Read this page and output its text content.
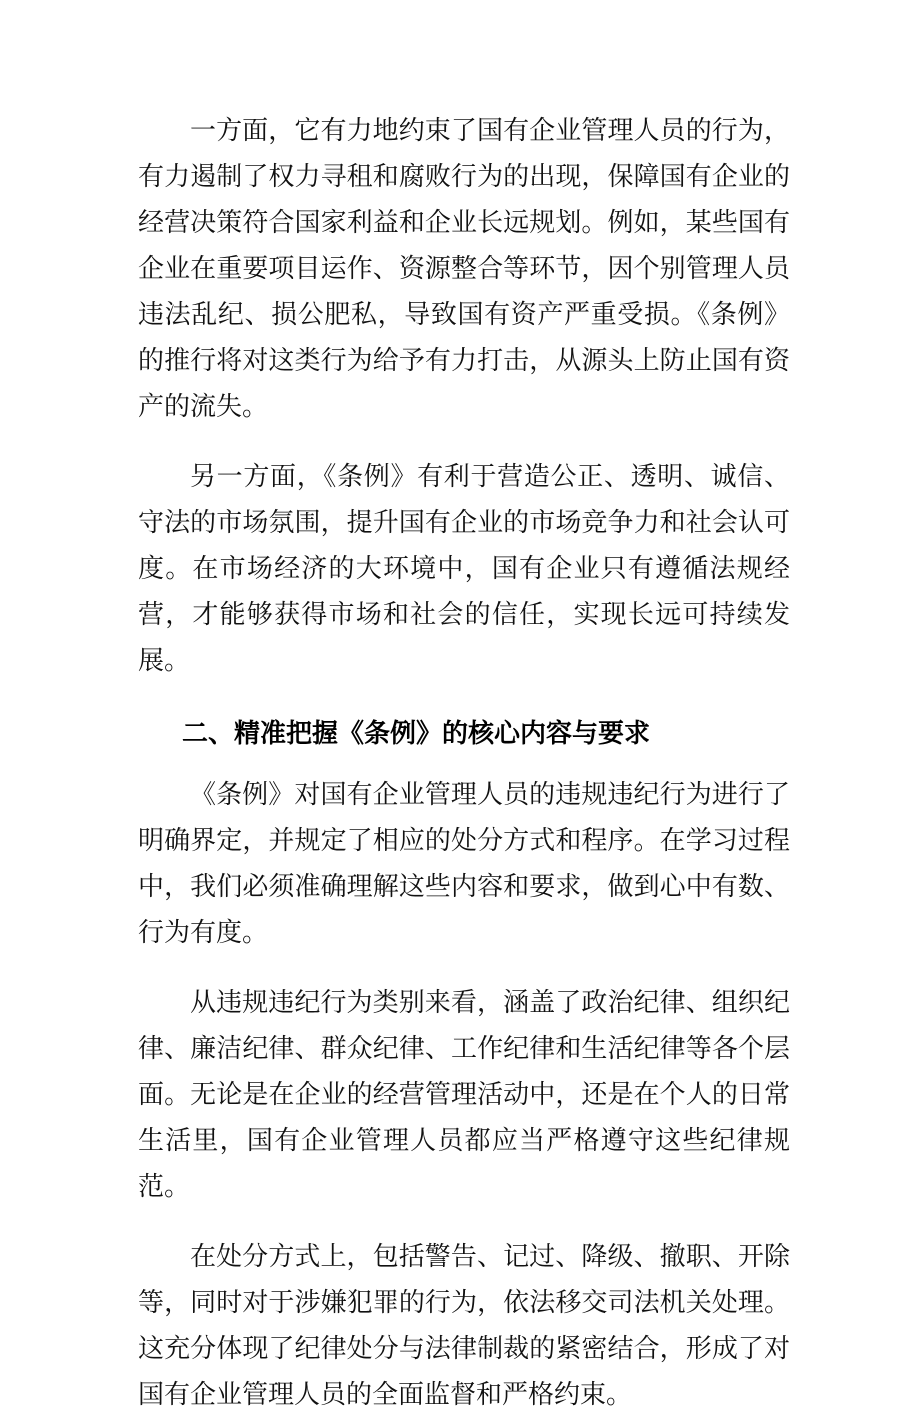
一方面，它有力地约束了国有企业管理人员的行为，有力遏制了权力寻租和腐败行为的出现，保障国有企业的经营决策符合国家利益和企业长远规划。例如，某些国有企业在重要项目运作、资源整合等环节，因个别管理人员违法乱纪、损公肥私，导致国有资产严重受损。《条例》的推行将对这类行为给予有力打击，从源头上防止国有资产的流失。

另一方面，《条例》有利于营造公正、透明、诚信、守法的市场氛围，提升国有企业的市场竞争力和社会认可度。在市场经济的大环境中，国有企业只有遵循法规经营，才能够获得市场和社会的信任，实现长远可持续发展。

二、精准把握《条例》的核心内容与要求

《条例》对国有企业管理人员的违规违纪行为进行了明确界定，并规定了相应的处分方式和程序。在学习过程中，我们必须准确理解这些内容和要求，做到心中有数、行为有度。

从违规违纪行为类别来看，涵盖了政治纪律、组织纪律、廉洁纪律、群众纪律、工作纪律和生活纪律等各个层面。无论是在企业的经营管理活动中，还是在个人的日常生活里，国有企业管理人员都应当严格遵守这些纪律规范。

在处分方式上，包括警告、记过、降级、撤职、开除等，同时对于涉嫌犯罪的行为，依法移交司法机关处理。这充分体现了纪律处分与法律制裁的紧密结合，形成了对国有企业管理人员的全面监督和严格约束。
